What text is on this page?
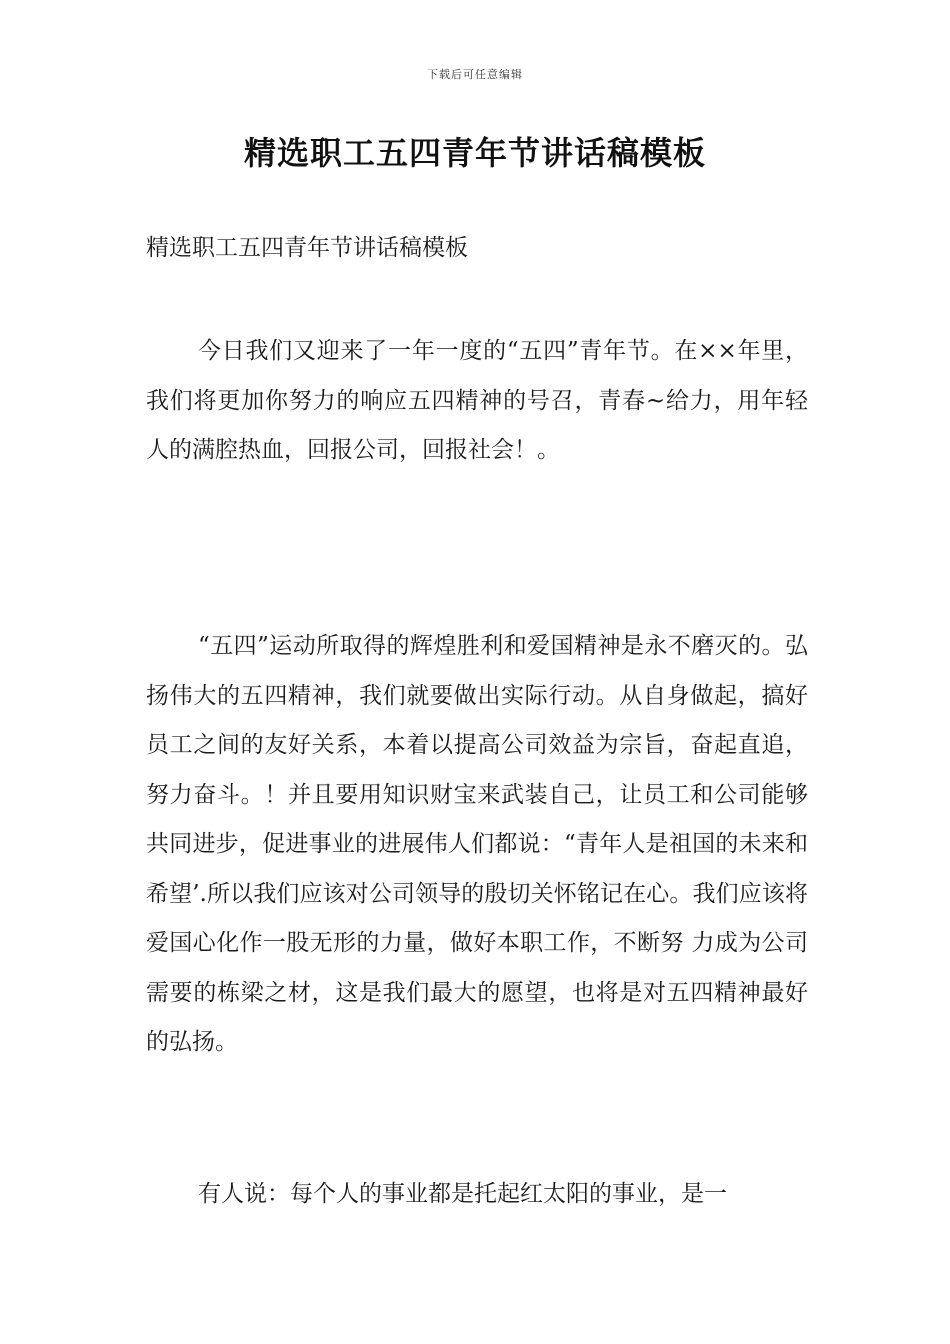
下载后可任意编辑
精选职工五四青年节讲话稿模板

精选职工五四青年节讲话稿模板

今日我们又迎来了一年一度的“五四”青年节。在××年里，我们将更加你努力的响应五四精神的号召，青春~给力，用年轻人的满腔热血，回报公司，回报社会！。

“五四”运动所取得的辉煌胜利和爱国精神是永不磨灭的。弘扬伟大的五四精神，我们就要做出实际行动。从自身做起，搞好员工之间的友好关系，本着以提高公司效益为宗旨，奋起直追，努力奋斗。！并且要用知识财宝来武装自己，让员工和公司能够共同进步，促进事业的进展伟人们都说：“青年人是祖国的未来和希望’.所以我们应该对公司领导的殷切关怀铭记在心。我们应该将爱国心化作一股无形的力量，做好本职工作，不断努 力成为公司需要的栋梁之材，这是我们最大的愿望，也将是对五四精神最好的弘扬。

有人说：每个人的事业都是托起红太阳的事业，是一
